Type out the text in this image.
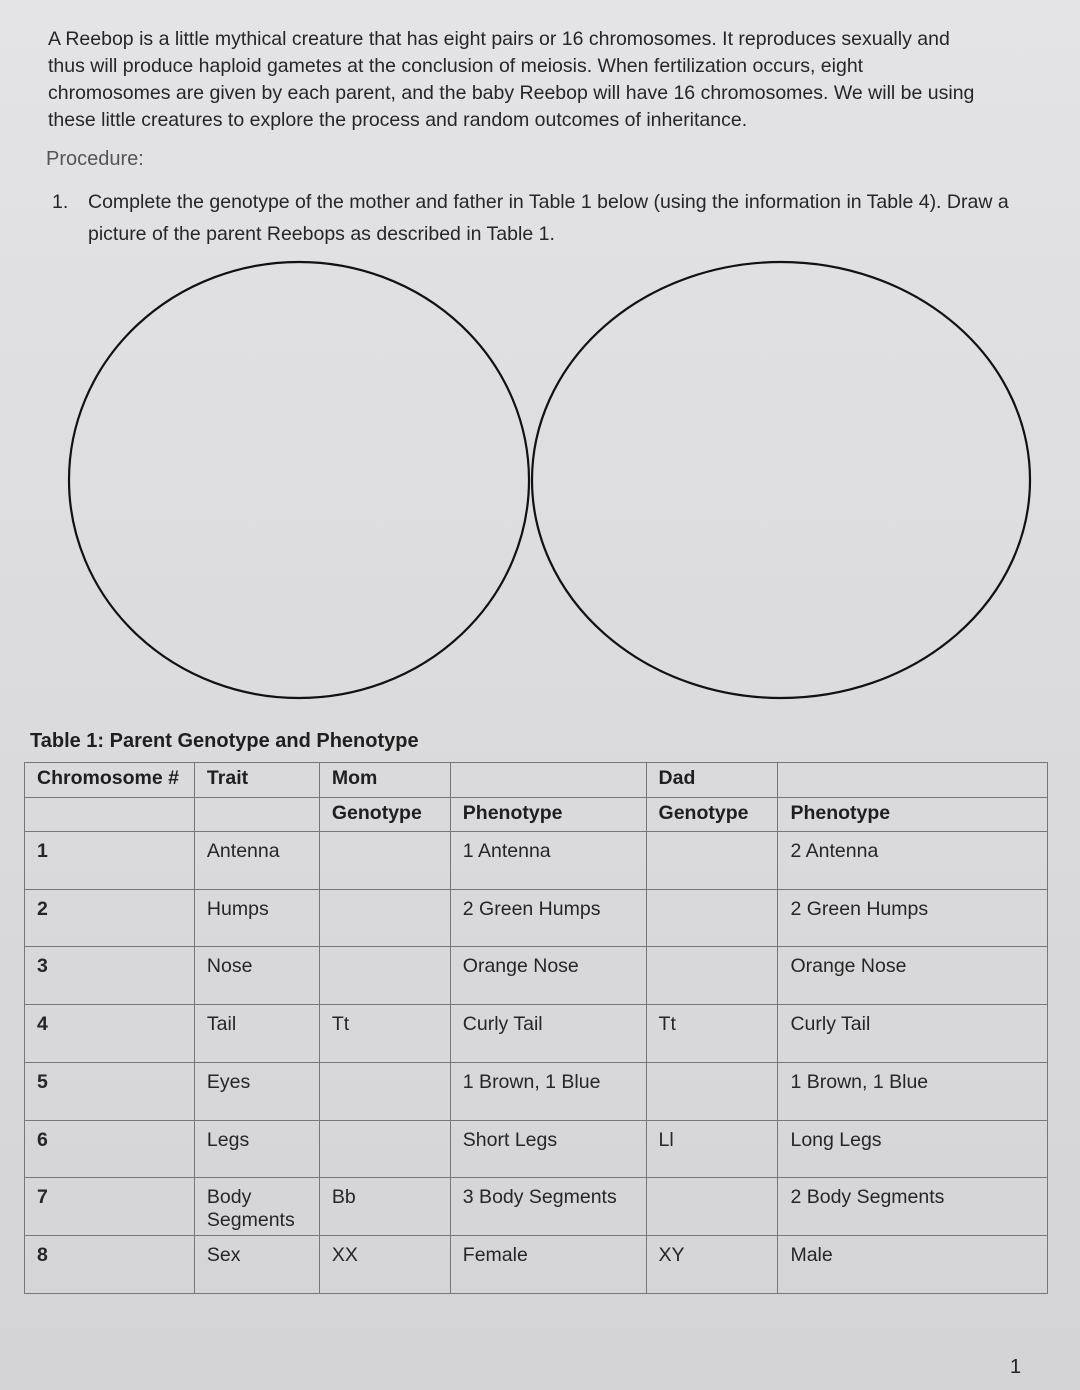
A Reebop is a little mythical creature that has eight pairs or 16 chromosomes. It reproduces sexually and thus will produce haploid gametes at the conclusion of meiosis. When fertilization occurs, eight chromosomes are given by each parent, and the baby Reebop will have 16 chromosomes. We will be using these little creatures to explore the process and random outcomes of inheritance.

Procedure:

1. Complete the genotype of the mother and father in Table 1 below (using the information in Table 4). Draw a picture of the parent Reebops as described in Table 1.
Table 1: Parent Genotype and Phenotype
Chromosome #	Trait	Mom		Dad	
		Genotype	Phenotype	Genotype	Phenotype
1	Antenna		1 Antenna		2 Antenna
2	Humps		2 Green Humps		2 Green Humps
3	Nose		Orange Nose		Orange Nose
4	Tail	Tt	Curly Tail	Tt	Curly Tail
5	Eyes		1 Brown, 1 Blue		1 Brown, 1 Blue
6	Legs		Short Legs	Ll	Long Legs
7	Body Segments	Bb	3 Body Segments		2 Body Segments
8	Sex	XX	Female	XY	Male
1
